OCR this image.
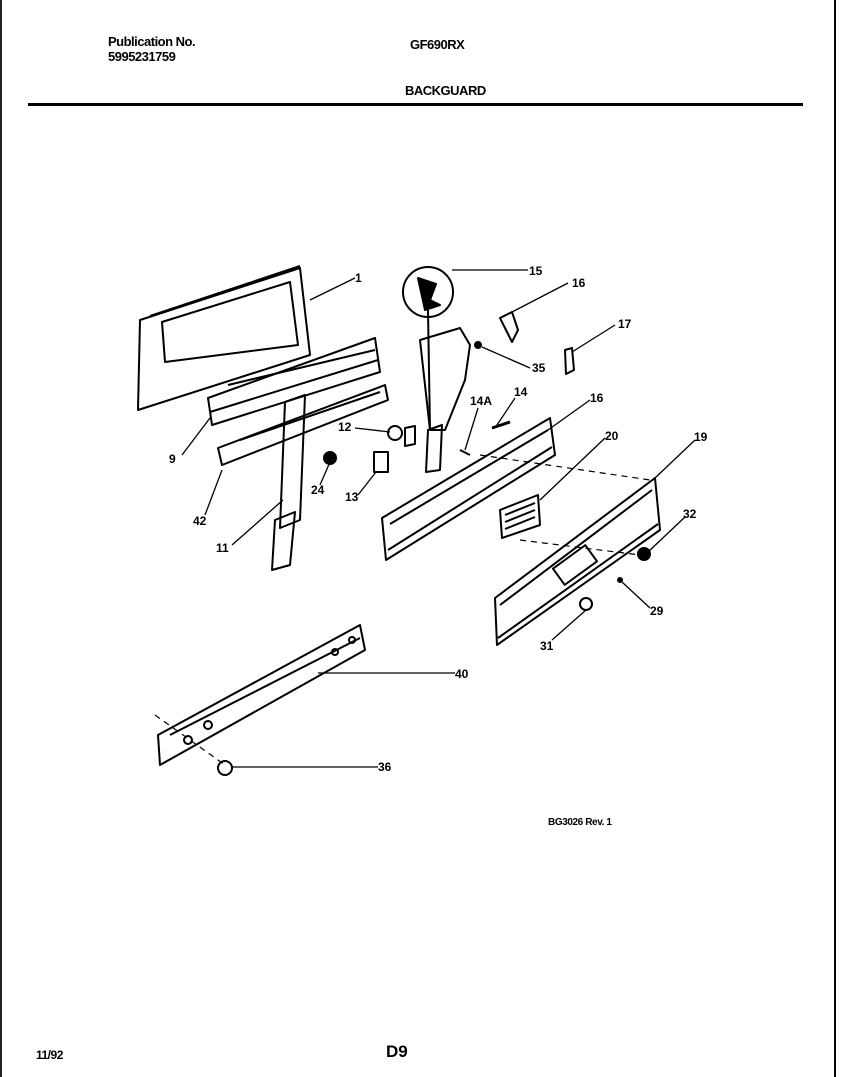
Publication No.
5995231759
GF690RX
BACKGUARD
1	15
16
17
35
14
14A	16
12
9
24 13
42
11
20	19
32
29
31
40
36
BG3026 Rev. 1
11/92	D9
